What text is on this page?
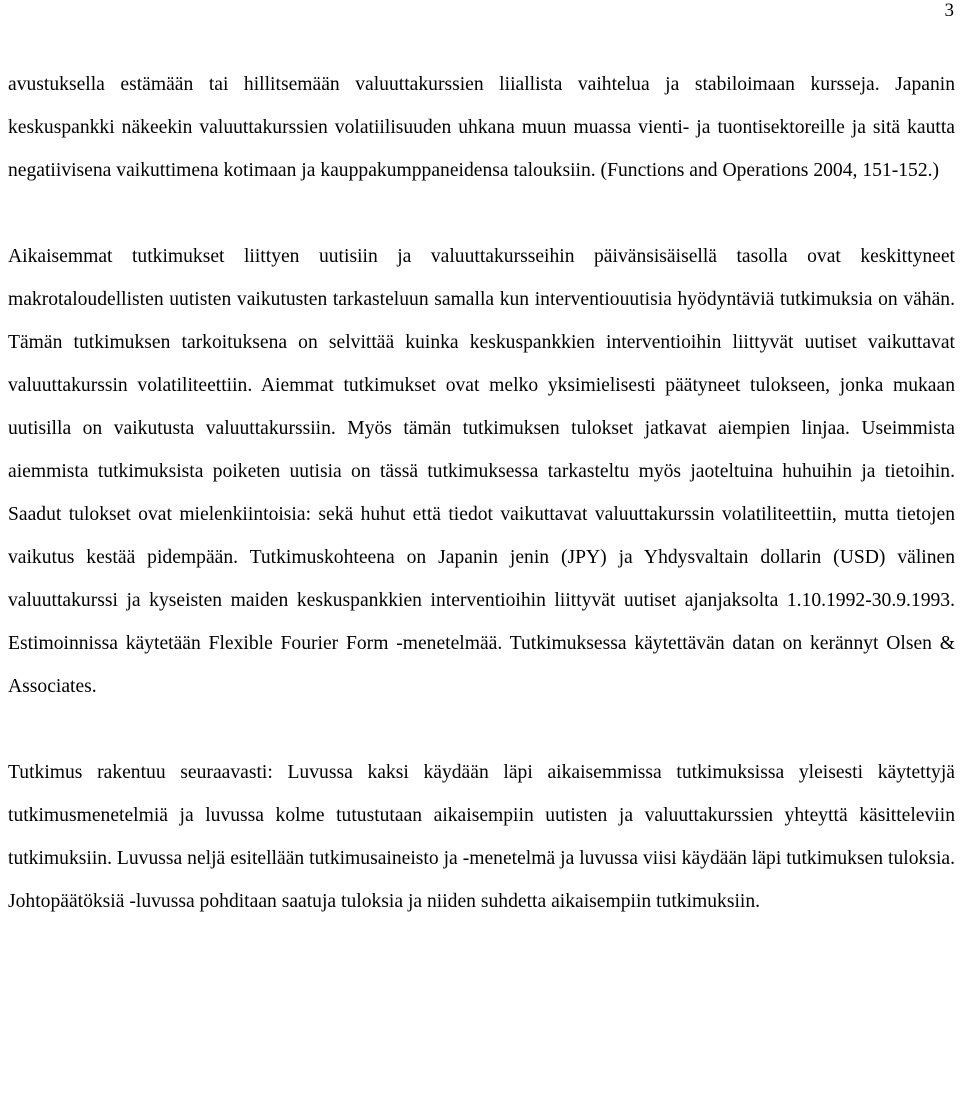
3

avustuksella estämään tai hillitsemään valuuttakurssien liiallista vaihtelua ja stabiloimaan kursseja. Japanin keskuspankki näkeekin valuuttakurssien volatiilisuuden uhkana muun muassa vienti- ja tuontisektoreille ja sitä kautta negatiivisena vaikuttimena kotimaan ja kauppakumppaneidensa talouksiin. (Functions and Operations 2004, 151-152.)

Aikaisemmat tutkimukset liittyen uutisiin ja valuuttakursseihin päivänsisäisellä tasolla ovat keskittyneet makrotaloudellisten uutisten vaikutusten tarkasteluun samalla kun interventiouutisia hyödyntäviä tutkimuksia on vähän. Tämän tutkimuksen tarkoituksena on selvittää kuinka keskuspankkien interventioihin liittyvät uutiset vaikuttavat valuuttakurssin volatiliteettiin. Aiemmat tutkimukset ovat melko yksimielisesti päätyneet tulokseen, jonka mukaan uutisilla on vaikutusta valuuttakurssiin. Myös tämän tutkimuksen tulokset jatkavat aiempien linjaa. Useimmista aiemmista tutkimuksista poiketen uutisia on tässä tutkimuksessa tarkasteltu myös jaoteltuina huhuihin ja tietoihin. Saadut tulokset ovat mielenkiintoisia: sekä huhut että tiedot vaikuttavat valuuttakurssin volatiliteettiin, mutta tietojen vaikutus kestää pidempään. Tutkimuskohteena on Japanin jenin (JPY) ja Yhdysvaltain dollarin (USD) välinen valuuttakurssi ja kyseisten maiden keskuspankkien interventioihin liittyvät uutiset ajanjaksolta 1.10.1992-30.9.1993. Estimoinnissa käytetään Flexible Fourier Form -menetelmää. Tutkimuksessa käytettävän datan on kerännyt Olsen & Associates.

Tutkimus rakentuu seuraavasti: Luvussa kaksi käydään läpi aikaisemmissa tutkimuksissa yleisesti käytettyjä tutkimusmenetelmiä ja luvussa kolme tutustutaan aikaisempiin uutisten ja valuuttakurssien yhteyttä käsitteleviin tutkimuksiin. Luvussa neljä esitellään tutkimusaineisto ja -menetelmä ja luvussa viisi käydään läpi tutkimuksen tuloksia. Johtopäätöksiä -luvussa pohditaan saatuja tuloksia ja niiden suhdetta aikaisempiin tutkimuksiin.
